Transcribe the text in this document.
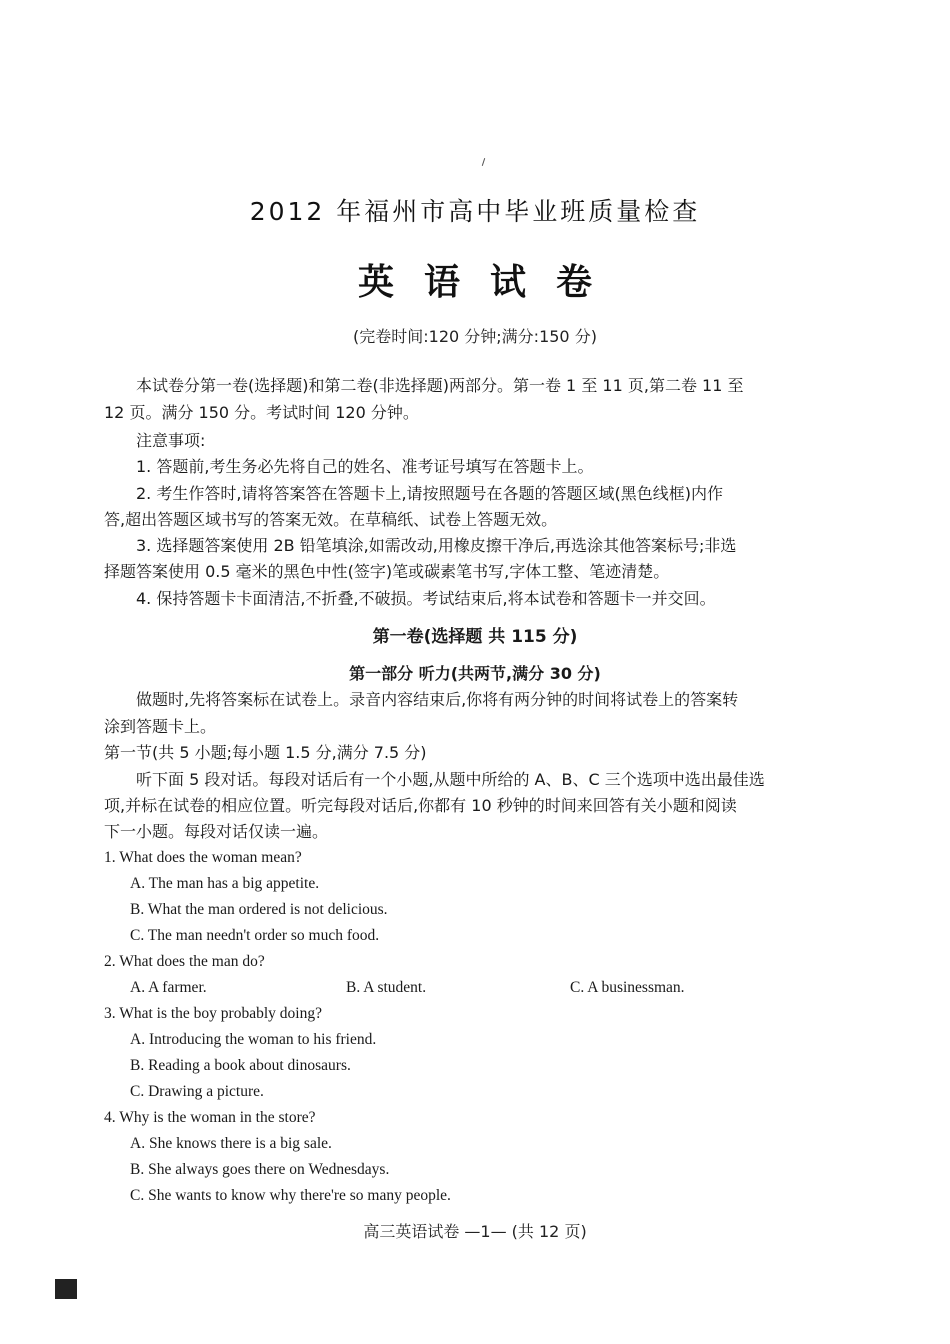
2012 年福州市高中毕业班质量检查
英语试卷
(完卷时间:120 分钟;满分:150 分)
本试卷分第一卷(选择题)和第二卷(非选择题)两部分。第一卷 1 至 11 页,第二卷 11 至
12 页。满分 150 分。考试时间 120 分钟。
注意事项:
1. 答题前,考生务必先将自己的姓名、准考证号填写在答题卡上。
2. 考生作答时,请将答案答在答题卡上,请按照题号在各题的答题区域(黑色线框)内作
答,超出答题区域书写的答案无效。在草稿纸、试卷上答题无效。
3. 选择题答案使用 2B 铅笔填涂,如需改动,用橡皮擦干净后,再选涂其他答案标号;非选
择题答案使用 0.5 毫米的黑色中性(签字)笔或碳素笔书写,字体工整、笔迹清楚。
4. 保持答题卡卡面清洁,不折叠,不破损。考试结束后,将本试卷和答题卡一并交回。
第一卷(选择题 共 115 分)
第一部分 听力(共两节,满分 30 分)
做题时,先将答案标在试卷上。录音内容结束后,你将有两分钟的时间将试卷上的答案转
涂到答题卡上。
第一节(共 5 小题;每小题 1.5 分,满分 7.5 分)
听下面 5 段对话。每段对话后有一个小题,从题中所给的 A、B、C 三个选项中选出最佳选
项,并标在试卷的相应位置。听完每段对话后,你都有 10 秒钟的时间来回答有关小题和阅读
下一小题。每段对话仅读一遍。
1. What does the woman mean?
A. The man has a big appetite.
B. What the man ordered is not delicious.
C. The man needn't order so much food.
2. What does the man do?
A. A farmer.	B. A student.	C. A businessman.
3. What is the boy probably doing?
A. Introducing the woman to his friend.
B. Reading a book about dinosaurs.
C. Drawing a picture.
4. Why is the woman in the store?
A. She knows there is a big sale.
B. She always goes there on Wednesdays.
C. She wants to know why there're so many people.
高三英语试卷 —1— (共 12 页)
